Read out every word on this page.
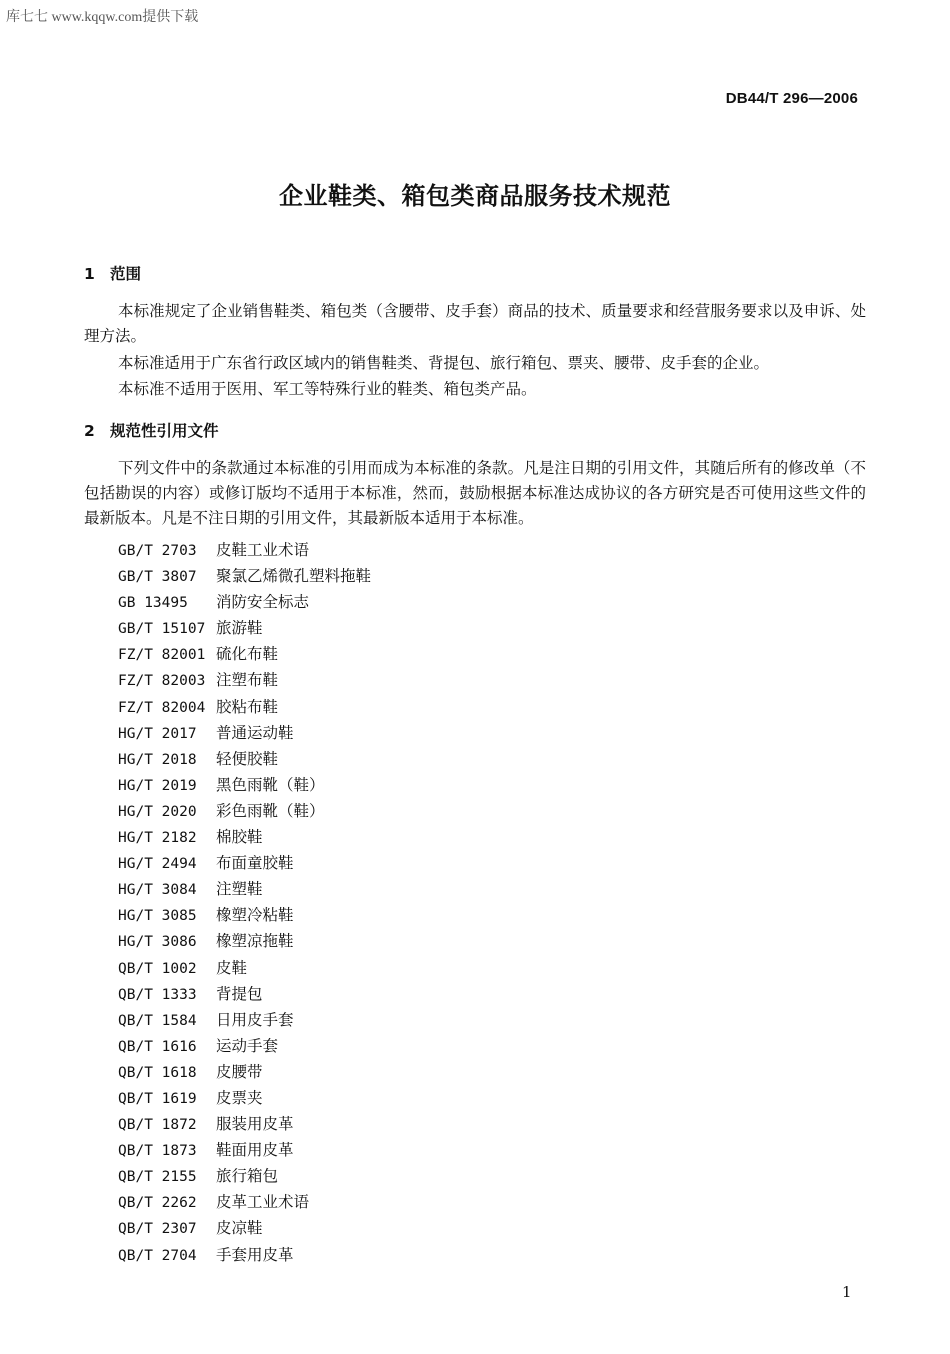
库七七 www.kqqw.com提供下载
DB44/T 296—2006
企业鞋类、箱包类商品服务技术规范
1 范围
本标准规定了企业销售鞋类、箱包类（含腰带、皮手套）商品的技术、质量要求和经营服务要求以及申诉、处理方法。
本标准适用于广东省行政区域内的销售鞋类、背提包、旅行箱包、票夹、腰带、皮手套的企业。
本标准不适用于医用、军工等特殊行业的鞋类、箱包类产品。
2 规范性引用文件
下列文件中的条款通过本标准的引用而成为本标准的条款。凡是注日期的引用文件，其随后所有的修改单（不包括勘误的内容）或修订版均不适用于本标准，然而，鼓励根据本标准达成协议的各方研究是否可使用这些文件的最新版本。凡是不注日期的引用文件，其最新版本适用于本标准。
GB/T 2703 皮鞋工业术语
GB/T 3807 聚氯乙烯微孔塑料拖鞋
GB 13495 消防安全标志
GB/T 15107 旅游鞋
FZ/T 82001 硫化布鞋
FZ/T 82003 注塑布鞋
FZ/T 82004 胶粘布鞋
HG/T 2017 普通运动鞋
HG/T 2018 轻便胶鞋
HG/T 2019 黑色雨靴（鞋）
HG/T 2020 彩色雨靴（鞋）
HG/T 2182 棉胶鞋
HG/T 2494 布面童胶鞋
HG/T 3084 注塑鞋
HG/T 3085 橡塑冷粘鞋
HG/T 3086 橡塑凉拖鞋
QB/T 1002 皮鞋
QB/T 1333 背提包
QB/T 1584 日用皮手套
QB/T 1616 运动手套
QB/T 1618 皮腰带
QB/T 1619 皮票夹
QB/T 1872 服装用皮革
QB/T 1873 鞋面用皮革
QB/T 2155 旅行箱包
QB/T 2262 皮革工业术语
QB/T 2307 皮凉鞋
QB/T 2704 手套用皮革
1
